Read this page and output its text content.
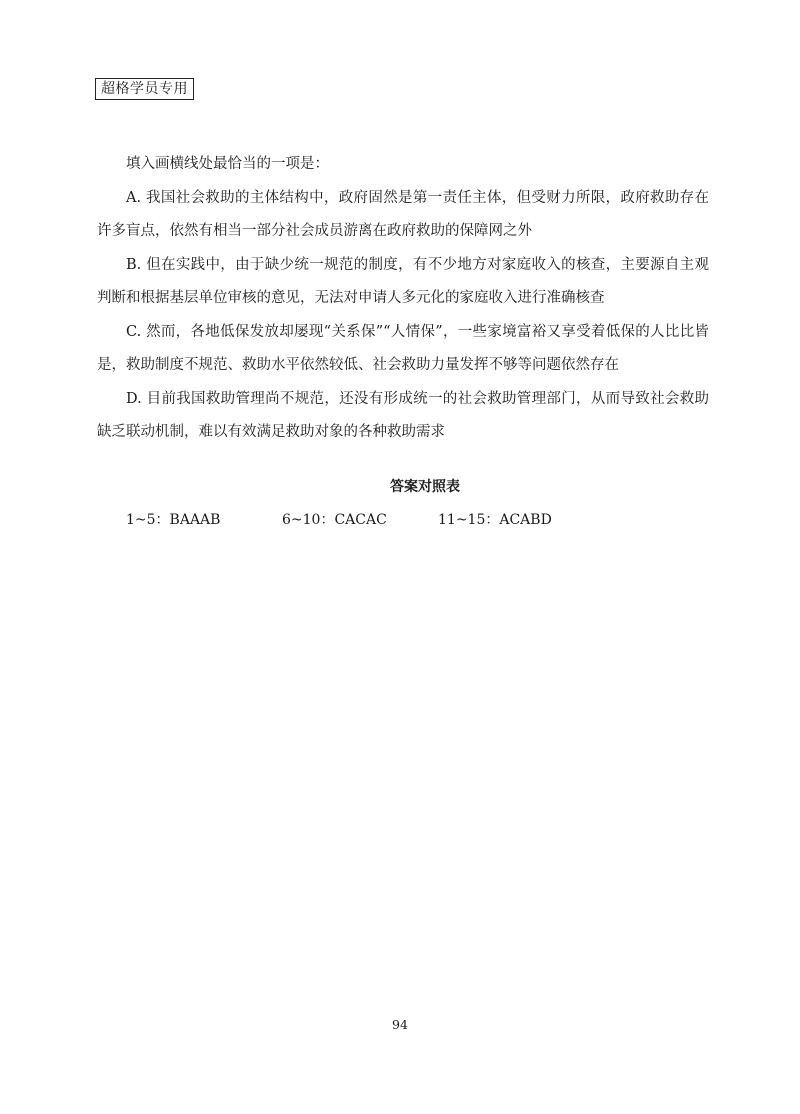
超格学员专用

填入画横线处最恰当的一项是：

A. 我国社会救助的主体结构中，政府固然是第一责任主体，但受财力所限，政府救助存在许多盲点，依然有相当一部分社会成员游离在政府救助的保障网之外

B. 但在实践中，由于缺少统一规范的制度，有不少地方对家庭收入的核查，主要源自主观判断和根据基层单位审核的意见，无法对申请人多元化的家庭收入进行准确核查

C. 然而，各地低保发放却屡现“关系保”“人情保”，一些家境富裕又享受着低保的人比比皆是，救助制度不规范、救助水平依然较低、社会救助力量发挥不够等问题依然存在

D. 目前我国救助管理尚不规范，还没有形成统一的社会救助管理部门，从而导致社会救助缺乏联动机制，难以有效满足救助对象的各种救助需求

答案对照表
1~5：BAAAB	6~10：CACAC	11~15：ACABD
94
